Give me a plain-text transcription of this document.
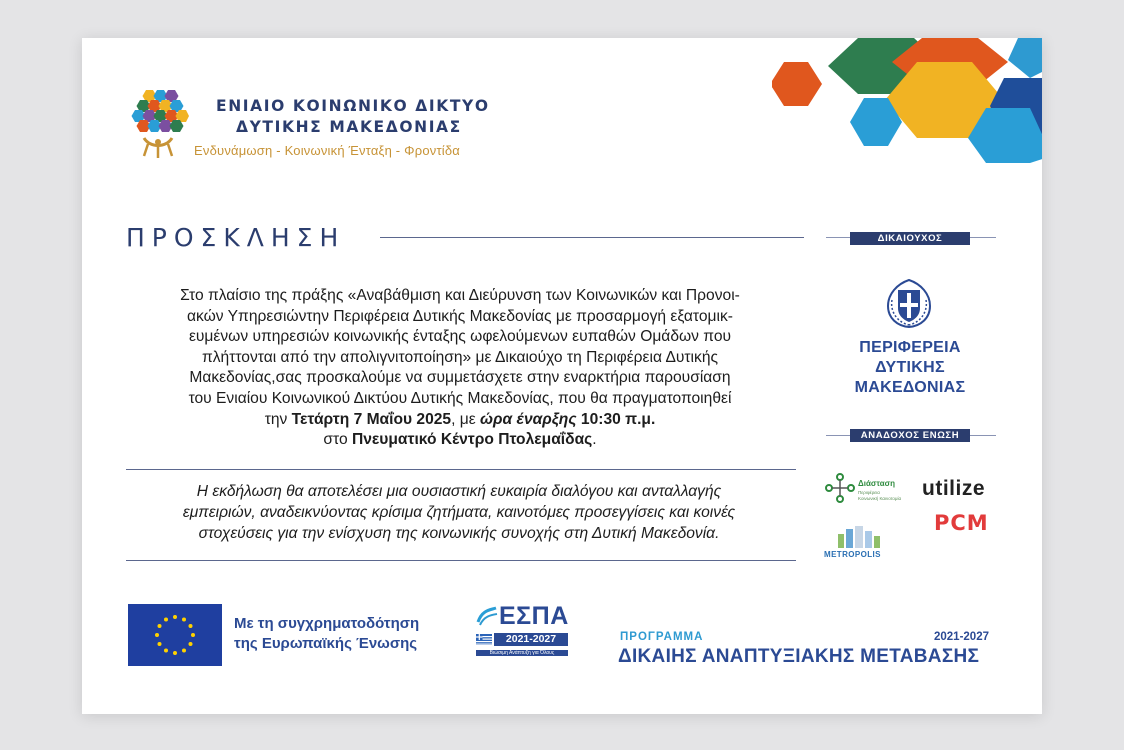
ΕΝΙΑΙΟ ΚΟΙΝΩΝΙΚΟ ΔΙΚΤΥΟ
ΔΥΤΙΚΗΣ ΜΑΚΕΔΟΝΙΑΣ
Ενδυνάμωση - Κοινωνική Ένταξη - Φροντίδα
ΠΡΟΣΚΛΗΣΗ
Στο πλαίσιο της πράξης «Αναβάθμιση και Διεύρυνση των Κοινωνικών και Προνοι-
ακών Υπηρεσιώντην Περιφέρεια Δυτικής Μακεδονίας με προσαρμογή εξατομικ-
ευμένων υπηρεσιών κοινωνικής ένταξης ωφελούμενων ευπαθών Ομάδων που
πλήττονται από την απολιγνιτοποίηση» με Δικαιούχο τη Περιφέρεια Δυτικής
Μακεδονίας,σας προσκαλούμε να συμμετάσχετε στην εναρκτήρια παρουσίαση
του Ενιαίου Κοινωνικού Δικτύου Δυτικής Μακεδονίας, που θα πραγματοποιηθεί
την Τετάρτη 7 Μαΐου 2025, με ώρα έναρξης 10:30 π.μ.
στο Πνευματικό Κέντρο Πτολεμαΐδας.
Η εκδήλωση θα αποτελέσει μια ουσιαστική ευκαιρία διαλόγου και ανταλλαγής
εμπειριών, αναδεικνύοντας κρίσιμα ζητήματα, καινοτόμες προσεγγίσεις και κοινές
στοχεύσεις για την ενίσχυση της κοινωνικής συνοχής στη Δυτική Μακεδονία.
ΔΙΚΑΙΟΥΧΟΣ
ΠΕΡΙΦΕΡΕΙΑ
ΔΥΤΙΚΗΣ
ΜΑΚΕΔΟΝΙΑΣ
ΑΝΑΔΟΧΟΣ ΕΝΩΣΗ
Διάσταση
Περιφέρεια
Κοινωνική Καινοτομία utilize
METROPOLIS
PCM
Με τη συγχρηματοδότηση
της Ευρωπαϊκής Ένωσης
ΕΣΠΑ
2021-2027
Βιώσιμη Ανάπτυξη για Όλους
ΠΡΟΓΡΑΜΜΑ	2021-2027
ΔΙΚΑΙΗΣ ΑΝΑΠΤΥΞΙΑΚΗΣ ΜΕΤΑΒΑΣΗΣ
